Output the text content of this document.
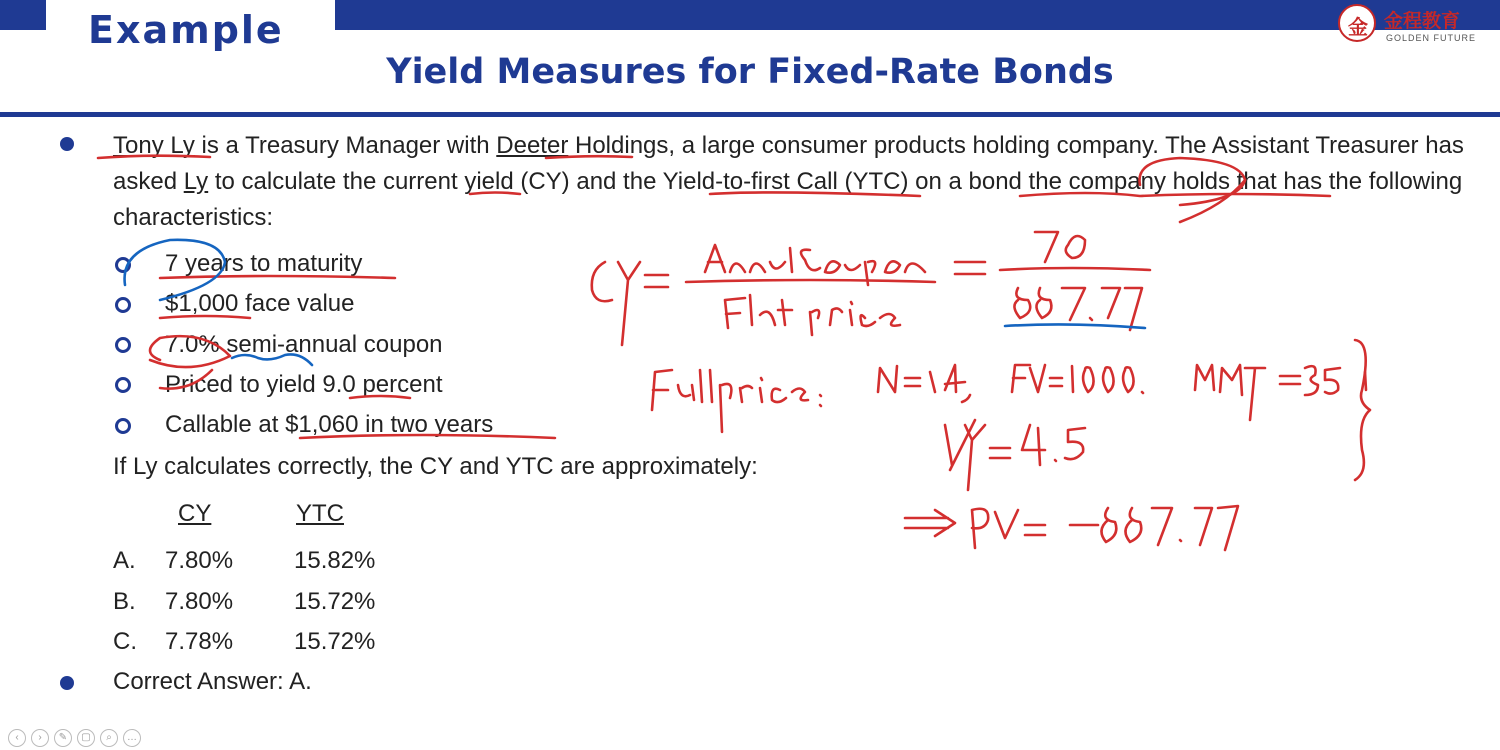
Example
Yield Measures for Fixed-Rate Bonds
金 金程教育
GOLDEN FUTURE
Tony Ly is a Treasury Manager with Deeter Holdings, a large consumer products holding company. The Assistant Treasurer has asked Ly to calculate the current yield (CY) and the Yield-to-first Call (YTC) on a bond the company holds that has the following characteristics:
7 years to maturity
$1,000 face value
7.0% semi-annual coupon
Priced to yield 9.0 percent
Callable at $1,060 in two years
If Ly calculates correctly, the CY and YTC are approximately:
CY	YTC
A. 7.80%	15.82%
B. 7.80%	15.72%
C. 7.78%	15.72%
Correct Answer: A.
‹ › ✎ ▢ ⌕ …
